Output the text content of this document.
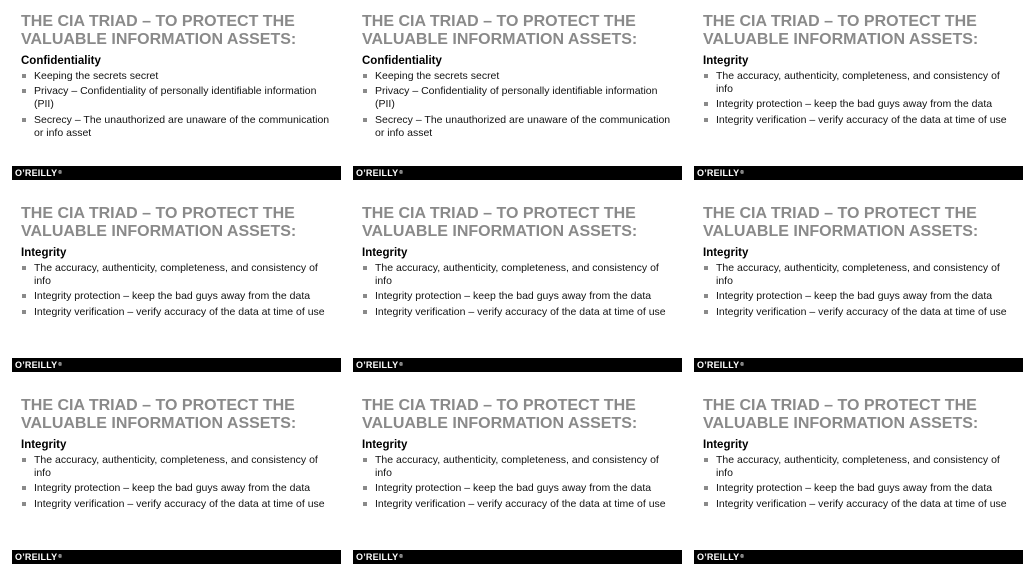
THE CIA TRIAD – TO PROTECT THE VALUABLE INFORMATION ASSETS:
Confidentiality
Keeping the secrets secret
Privacy – Confidentiality of personally identifiable information (PII)
Secrecy – The unauthorized are unaware of the communication or info asset
O’REILLY®
THE CIA TRIAD – TO PROTECT THE VALUABLE INFORMATION ASSETS:
Confidentiality
Keeping the secrets secret
Privacy – Confidentiality of personally identifiable information (PII)
Secrecy – The unauthorized are unaware of the communication or info asset
O’REILLY®
THE CIA TRIAD – TO PROTECT THE VALUABLE INFORMATION ASSETS:
Integrity
The accuracy, authenticity, completeness, and consistency of info
Integrity protection – keep the bad guys away from the data
Integrity verification – verify accuracy of the data at time of use
O’REILLY®
THE CIA TRIAD – TO PROTECT THE VALUABLE INFORMATION ASSETS:
Integrity
The accuracy, authenticity, completeness, and consistency of info
Integrity protection – keep the bad guys away from the data
Integrity verification – verify accuracy of the data at time of use
O’REILLY®
THE CIA TRIAD – TO PROTECT THE VALUABLE INFORMATION ASSETS:
Integrity
The accuracy, authenticity, completeness, and consistency of info
Integrity protection – keep the bad guys away from the data
Integrity verification – verify accuracy of the data at time of use
O’REILLY®
THE CIA TRIAD – TO PROTECT THE VALUABLE INFORMATION ASSETS:
Integrity
The accuracy, authenticity, completeness, and consistency of info
Integrity protection – keep the bad guys away from the data
Integrity verification – verify accuracy of the data at time of use
O’REILLY®
THE CIA TRIAD – TO PROTECT THE VALUABLE INFORMATION ASSETS:
Integrity
The accuracy, authenticity, completeness, and consistency of info
Integrity protection – keep the bad guys away from the data
Integrity verification – verify accuracy of the data at time of use
O’REILLY®
THE CIA TRIAD – TO PROTECT THE VALUABLE INFORMATION ASSETS:
Integrity
The accuracy, authenticity, completeness, and consistency of info
Integrity protection – keep the bad guys away from the data
Integrity verification – verify accuracy of the data at time of use
O’REILLY®
THE CIA TRIAD – TO PROTECT THE VALUABLE INFORMATION ASSETS:
Integrity
The accuracy, authenticity, completeness, and consistency of info
Integrity protection – keep the bad guys away from the data
Integrity verification – verify accuracy of the data at time of use
O’REILLY®
